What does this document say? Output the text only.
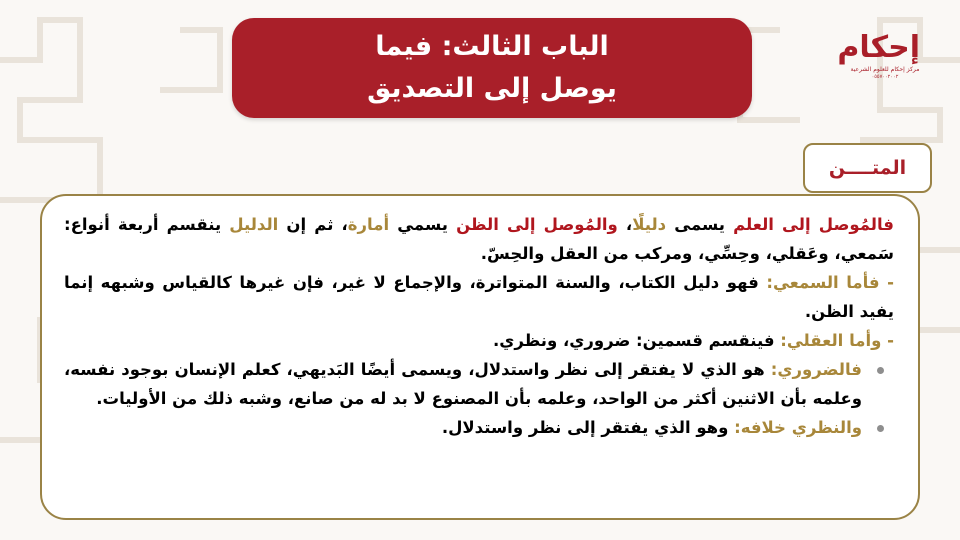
الباب الثالث: فيما
يوصل إلى التصديق
إحكام
مركز إحكام للعلوم الشرعية
٠٥٥٧٠٠٢٠٠٢
المتــــن

فالمُوصل إلى العلم يسمى دليلًا، والمُوصل إلى الظن يسمي أمارة، ثم إن الدليل ينقسم أربعة أنواع: سَمعي، وعَقلي، وحِسِّي، ومركب من العقل والحِسّ.

- فأما السمعي: فهو دليل الكتاب، والسنة المتواترة، والإجماع لا غير، فإن غيرها كالقياس وشبهه إنما يفيد الظن.

- وأما العقلي: فينقسم قسمين: ضروري، ونظري.

فالضروري: هو الذي لا يفتقر إلى نظر واستدلال، ويسمى أيضًا البَديهي، كعلم الإنسان بوجود نفسه، وعلمه بأن الاثنين أكثر من الواحد، وعلمه بأن المصنوع لا بد له من صانع، وشبه ذلك من الأوليات.

والنظري خلافه: وهو الذي يفتقر إلى نظر واستدلال.
